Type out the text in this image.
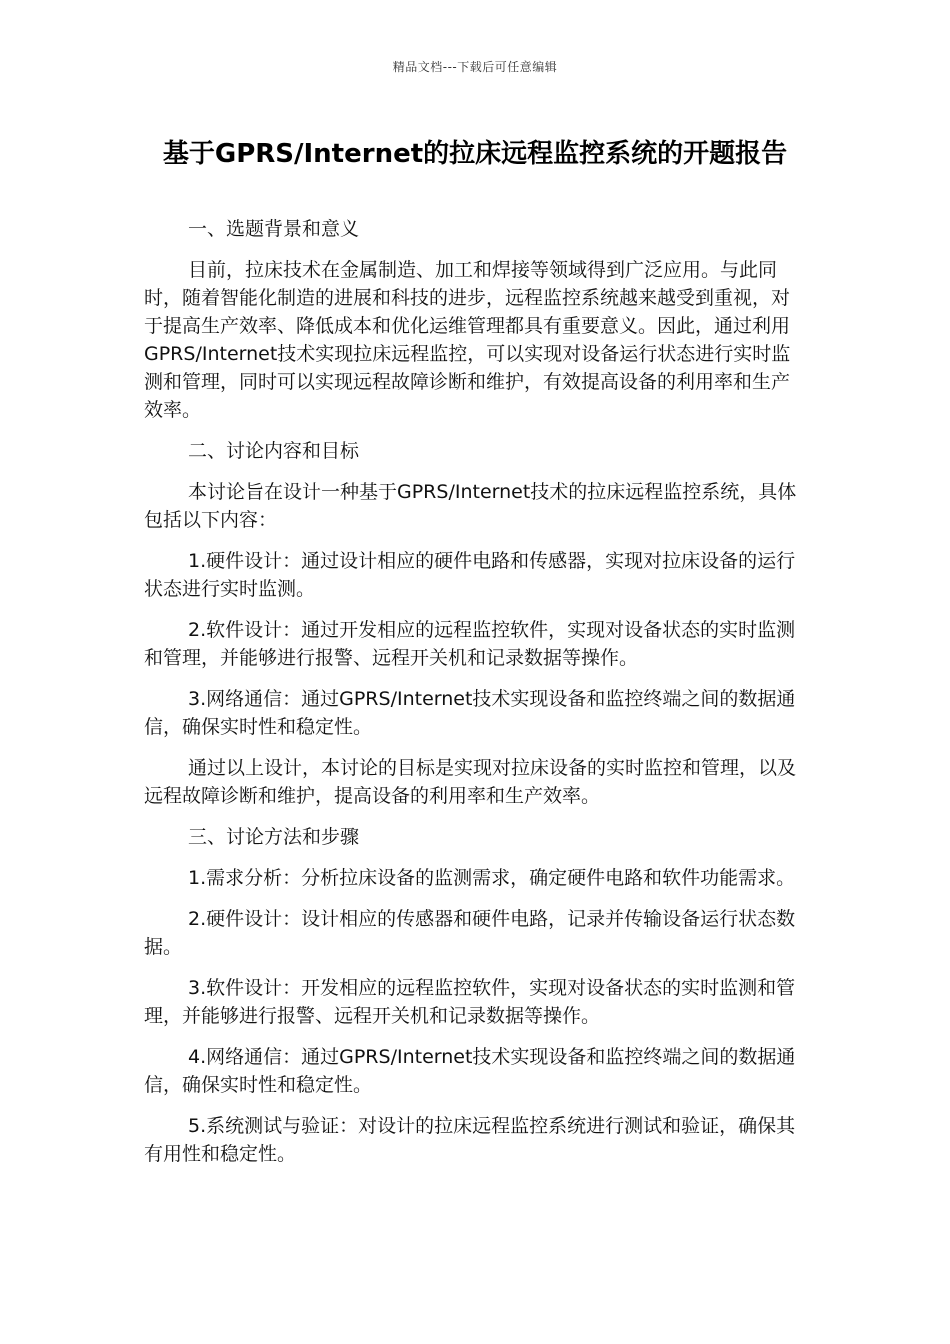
精品文档---下载后可任意编辑
基于GPRS/Internet的拉床远程监控系统的开题报告

一、选题背景和意义

目前，拉床技术在金属制造、加工和焊接等领域得到广泛应用。与此同时，随着智能化制造的进展和科技的进步，远程监控系统越来越受到重视，对于提高生产效率、降低成本和优化运维管理都具有重要意义。因此，通过利用GPRS/Internet技术实现拉床远程监控，可以实现对设备运行状态进行实时监测和管理，同时可以实现远程故障诊断和维护，有效提高设备的利用率和生产效率。

二、讨论内容和目标

本讨论旨在设计一种基于GPRS/Internet技术的拉床远程监控系统，具体包括以下内容：

1.硬件设计：通过设计相应的硬件电路和传感器，实现对拉床设备的运行状态进行实时监测。

2.软件设计：通过开发相应的远程监控软件，实现对设备状态的实时监测和管理，并能够进行报警、远程开关机和记录数据等操作。

3.网络通信：通过GPRS/Internet技术实现设备和监控终端之间的数据通信，确保实时性和稳定性。

通过以上设计，本讨论的目标是实现对拉床设备的实时监控和管理，以及远程故障诊断和维护，提高设备的利用率和生产效率。

三、讨论方法和步骤

1.需求分析：分析拉床设备的监测需求，确定硬件电路和软件功能需求。

2.硬件设计：设计相应的传感器和硬件电路，记录并传输设备运行状态数据。

3.软件设计：开发相应的远程监控软件，实现对设备状态的实时监测和管理，并能够进行报警、远程开关机和记录数据等操作。

4.网络通信：通过GPRS/Internet技术实现设备和监控终端之间的数据通信，确保实时性和稳定性。

5.系统测试与验证：对设计的拉床远程监控系统进行测试和验证，确保其有用性和稳定性。
